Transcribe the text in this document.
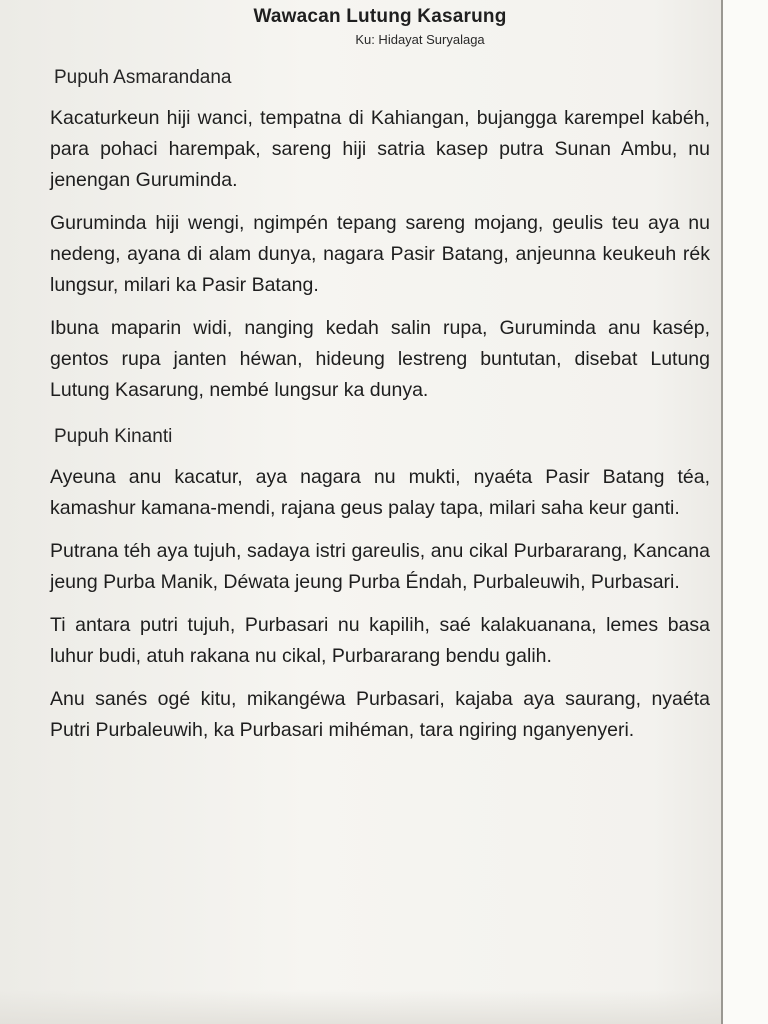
Wawacan Lutung Kasarung

Ku: Hidayat Suryalaga

Pupuh Asmarandana

Kacaturkeun hiji wanci, tempatna di Kahiangan, bujangga karempel kabéh, para pohaci harempak, sareng hiji satria kasep putra Sunan Ambu, nu jenengan Guruminda.

Guruminda hiji wengi, ngimpén tepang sareng mojang, geulis teu aya nu nedeng, ayana di alam dunya, nagara Pasir Batang, anjeunna keukeuh rék lungsur, milari ka Pasir Batang.

Ibuna maparin widi, nanging kedah salin rupa, Guruminda anu kasép, gentos rupa janten héwan, hideung lestreng buntutan, disebat Lutung Lutung Kasarung, nembé lungsur ka dunya.

Pupuh Kinanti

Ayeuna anu kacatur, aya nagara nu mukti, nyaéta Pasir Batang téa, kamashur kamana-mendi, rajana geus palay tapa, milari saha keur ganti.

Putrana téh aya tujuh, sadaya istri gareulis, anu cikal Purbararang, Kancana jeung Purba Manik, Déwata jeung Purba Éndah, Purbaleuwih, Purbasari.

Ti antara putri tujuh, Purbasari nu kapilih, saé kalakuanana, lemes basa luhur budi, atuh rakana nu cikal, Purbararang bendu galih.

Anu sanés ogé kitu, mikangéwa Purbasari, kajaba aya saurang, nyaéta Putri Purbaleuwih, ka Purbasari mihéman, tara ngiring nganyenyeri.
